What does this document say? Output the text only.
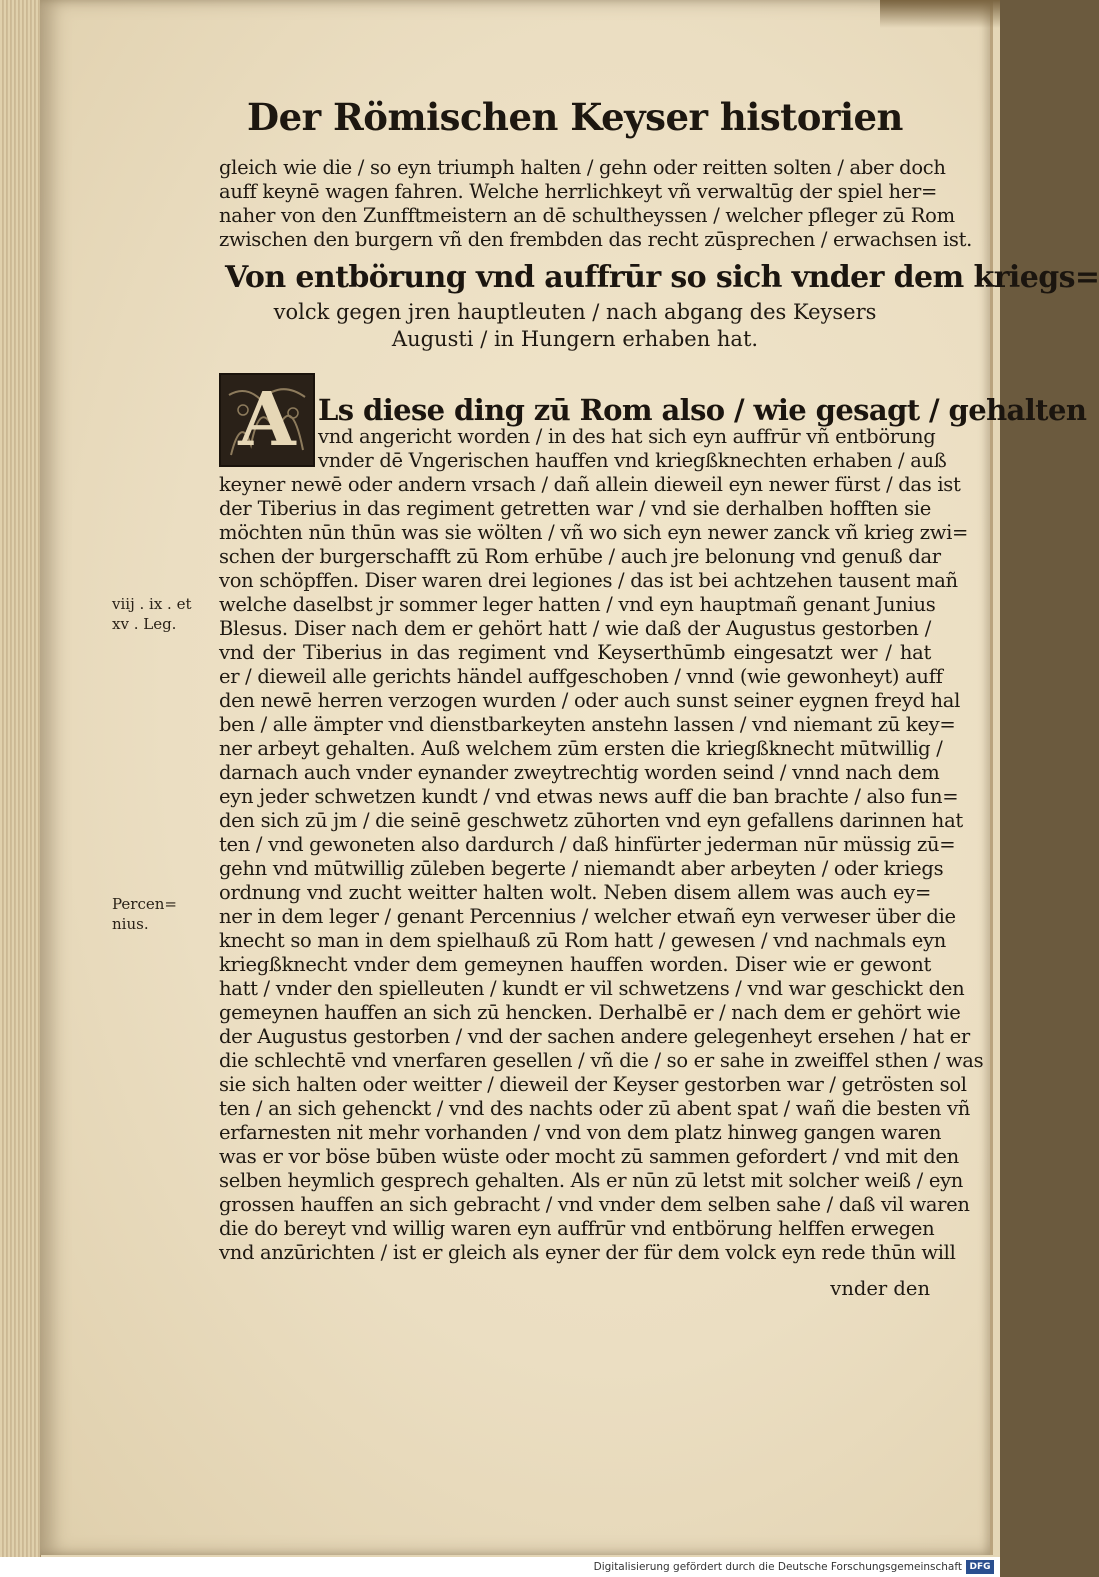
Der Römischen Keyser historien
gleich wie die / so eyn triumph halten / gehn oder reitten solten / aber doch
auff keynē wagen fahren. Welche herrlichkeyt vñ verwaltūg der spiel her=
naher von den Zunfftmeistern an dē schultheyssen / welcher pfleger zū Rom
zwischen den burgern vñ den frembden das recht zūsprechen / erwachsen ist.
Von entbörung vnd auffrūr so sich vnder dem kriegs=
volck gegen jren hauptleuten / nach abgang des Keysers
Augusti / in Hungern erhaben hat.
A Ls diese ding zū Rom also / wie gesagt / gehalten
vnd angericht worden / in des hat sich eyn auffrūr vñ entbörung
vnder dē Vngerischen hauffen vnd kriegßknechten erhaben / auß
keyner newē oder andern vrsach / dañ allein dieweil eyn newer fürst / das ist
der Tiberius in das regiment getretten war / vnd sie derhalben hofften sie
möchten nūn thūn was sie wölten / vñ wo sich eyn newer zanck vñ krieg zwi=
schen der burgerschafft zū Rom erhūbe / auch jre belonung vnd genuß dar
von schöpffen. Diser waren drei legiones / das ist bei achtzehen tausent mañ
welche daselbst jr sommer leger hatten / vnd eyn hauptmañ genant Junius
Blesus. Diser nach dem er gehört hatt / wie daß der Augustus gestorben /
vnd der Tiberius in das regiment vnd Keyserthūmb eingesatzt wer / hat
er / dieweil alle gerichts händel auffgeschoben / vnnd (wie gewonheyt) auff
den newē herren verzogen wurden / oder auch sunst seiner eygnen freyd hal
ben / alle ämpter vnd dienstbarkeyten anstehn lassen / vnd niemant zū key=
ner arbeyt gehalten. Auß welchem zūm ersten die kriegßknecht mūtwillig /
darnach auch vnder eynander zweytrechtig worden seind / vnnd nach dem
eyn jeder schwetzen kundt / vnd etwas news auff die ban brachte / also fun=
den sich zū jm / die seinē geschwetz zūhorten vnd eyn gefallens darinnen hat
ten / vnd gewoneten also dardurch / daß hinfürter jederman nūr müssig zū=
gehn vnd mūtwillig zūleben begerte / niemandt aber arbeyten / oder kriegs
ordnung vnd zucht weitter halten wolt. Neben disem allem was auch ey=
ner in dem leger / genant Percennius / welcher etwañ eyn verweser über die
knecht so man in dem spielhauß zū Rom hatt / gewesen / vnd nachmals eyn
kriegßknecht vnder dem gemeynen hauffen worden. Diser wie er gewont
hatt / vnder den spielleuten / kundt er vil schwetzens / vnd war geschickt den
gemeynen hauffen an sich zū hencken. Derhalbē er / nach dem er gehört wie
der Augustus gestorben / vnd der sachen andere gelegenheyt ersehen / hat er
die schlechtē vnd vnerfaren gesellen / vñ die / so er sahe in zweiffel sthen / was
sie sich halten oder weitter / dieweil der Keyser gestorben war / getrösten sol
ten / an sich gehenckt / vnd des nachts oder zū abent spat / wañ die besten vñ
erfarnesten nit mehr vorhanden / vnd von dem platz hinweg gangen waren
was er vor böse būben wüste oder mocht zū sammen gefordert / vnd mit den
selben heymlich gesprech gehalten. Als er nūn zū letst mit solcher weiß / eyn
grossen hauffen an sich gebracht / vnd vnder dem selben sahe / daß vil waren
die do bereyt vnd willig waren eyn auffrūr vnd entbörung helffen erwegen
vnd anzūrichten / ist er gleich als eyner der für dem volck eyn rede thūn will
vnder den
viij . ix . et
xv . Leg.
Percen=
nius.
Digitalisierung gefördert durch die Deutsche Forschungsgemeinschaft DFG
